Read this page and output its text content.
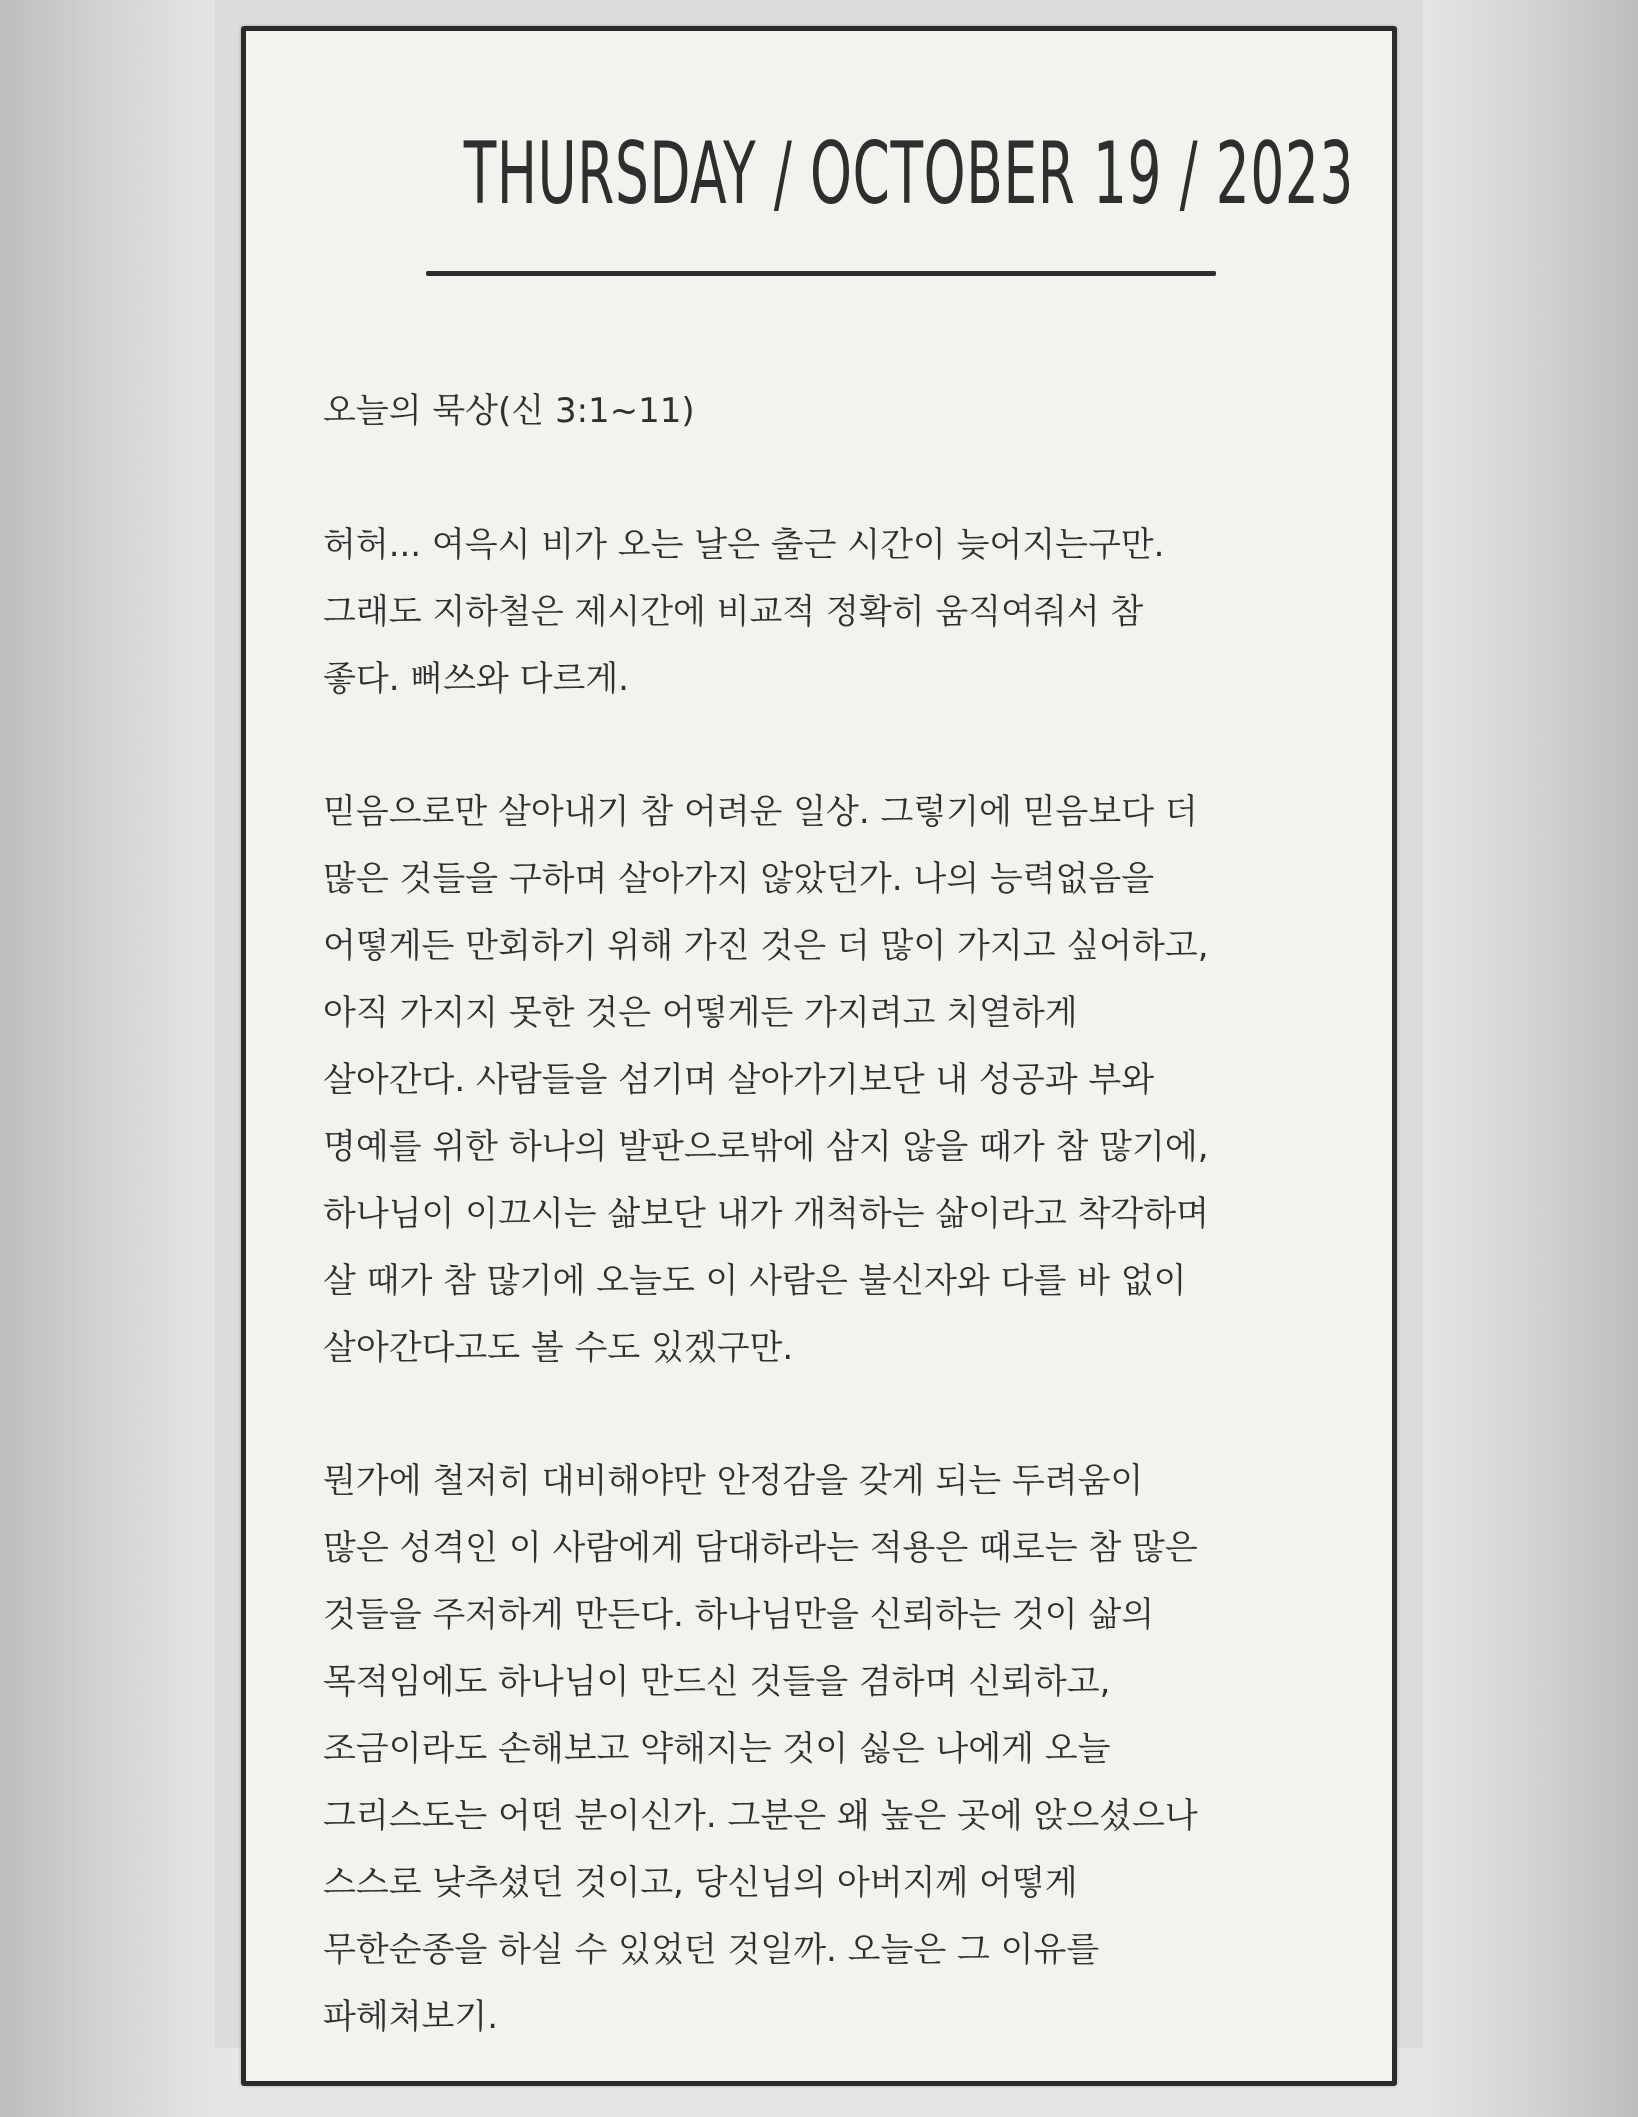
THURSDAY / OCTOBER 19 / 2023
오늘의 묵상(신 3:1~11)
허허... 여윽시 비가 오는 날은 출근 시간이 늦어지는구만.
그래도 지하철은 제시간에 비교적 정확히 움직여줘서 참
좋다. 뻐쓰와 다르게.
믿음으로만 살아내기 참 어려운 일상. 그렇기에 믿음보다 더
많은 것들을 구하며 살아가지 않았던가. 나의 능력없음을
어떻게든 만회하기 위해 가진 것은 더 많이 가지고 싶어하고,
아직 가지지 못한 것은 어떻게든 가지려고 치열하게
살아간다. 사람들을 섬기며 살아가기보단 내 성공과 부와
명예를 위한 하나의 발판으로밖에 삼지 않을 때가 참 많기에,
하나님이 이끄시는 삶보단 내가 개척하는 삶이라고 착각하며
살 때가 참 많기에 오늘도 이 사람은 불신자와 다를 바 없이
살아간다고도 볼 수도 있겠구만.
뭔가에 철저히 대비해야만 안정감을 갖게 되는 두려움이
많은 성격인 이 사람에게 담대하라는 적용은 때로는 참 많은
것들을 주저하게 만든다. 하나님만을 신뢰하는 것이 삶의
목적임에도 하나님이 만드신 것들을 겸하며 신뢰하고,
조금이라도 손해보고 약해지는 것이 싫은 나에게 오늘
그리스도는 어떤 분이신가. 그분은 왜 높은 곳에 앉으셨으나
스스로 낮추셨던 것이고, 당신님의 아버지께 어떻게
무한순종을 하실 수 있었던 것일까. 오늘은 그 이유를
파헤쳐보기.
